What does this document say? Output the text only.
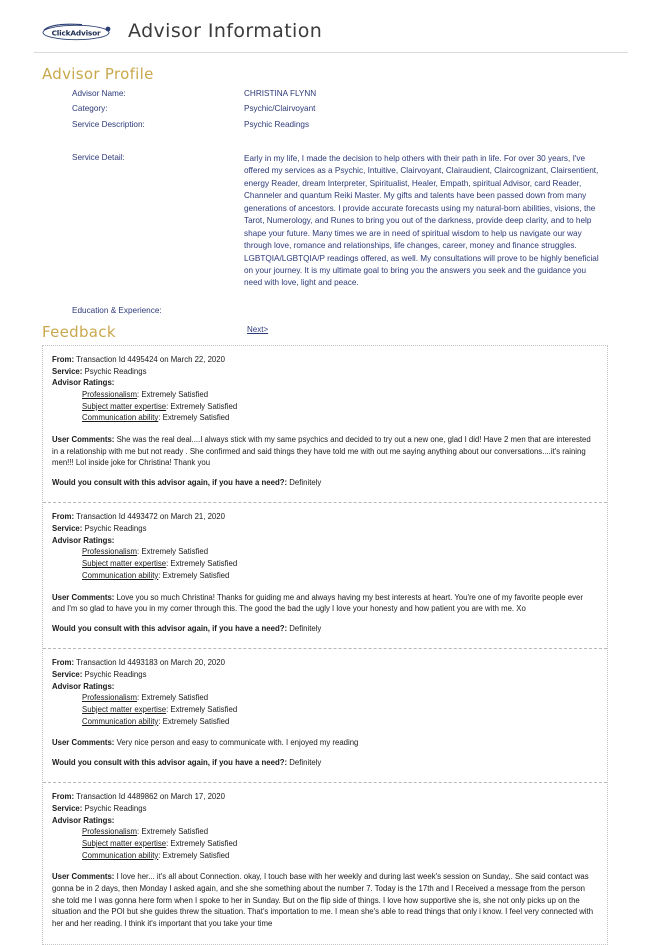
ClickAdvisor Advisor Information
Advisor Profile
Advisor Name:	CHRISTINA FLYNN
Category:	Psychic/Clairvoyant
Service Description:	Psychic Readings
Service Detail:	Early in my life, I made the decision to help others with their path in life. For over 30 years, I've offered my services as a Psychic, Intuitive, Clairvoyant, Clairaudient, Claircognizant, Clairsentient, energy Reader, dream Interpreter, Spiritualist, Healer, Empath, spiritual Advisor, card Reader, Channeler and quantum Reiki Master. My gifts and talents have been passed down from many generations of ancestors. I provide accurate forecasts using my natural-born abilities, visions, the Tarot, Numerology, and Runes to bring you out of the darkness, provide deep clarity, and to help shape your future. Many times we are in need of spiritual wisdom to help us navigate our way through love, romance and relationships, life changes, career, money and finance struggles. LGBTQIA/LGBTQIA/P readings offered, as well. My consultations will prove to be highly beneficial on your journey. It is my ultimate goal to bring you the answers you seek and the guidance you need with love, light and peace.
Education & Experience:
Feedback	Next>

From: Transaction Id 4495424 on March 22, 2020

Service: Psychic Readings

Advisor Ratings:

Professionalism: Extremely Satisfied

Subject matter expertise: Extremely Satisfied

Communication ability: Extremely Satisfied

User Comments: She was the real deal....I always stick with my same psychics and decided to try out a new one, glad I did! Have 2 men that are interested in a relationship with me but not ready . She confirmed and said things they have told me with out me saying anything about our conversations....it's raining men!!! Lol inside joke for Christina! Thank you

Would you consult with this advisor again, if you have a need?: Definitely

From: Transaction Id 4493472 on March 21, 2020

Service: Psychic Readings

Advisor Ratings:

Professionalism: Extremely Satisfied

Subject matter expertise: Extremely Satisfied

Communication ability: Extremely Satisfied

User Comments: Love you so much Christina! Thanks for guiding me and always having my best interests at heart. You're one of my favorite people ever and I'm so glad to have you in my corner through this. The good the bad the ugly I love your honesty and how patient you are with me. Xo

Would you consult with this advisor again, if you have a need?: Definitely

From: Transaction Id 4493183 on March 20, 2020

Service: Psychic Readings

Advisor Ratings:

Professionalism: Extremely Satisfied

Subject matter expertise: Extremely Satisfied

Communication ability: Extremely Satisfied

User Comments: Very nice person and easy to communicate with. I enjoyed my reading

Would you consult with this advisor again, if you have a need?: Definitely

From: Transaction Id 4489862 on March 17, 2020

Service: Psychic Readings

Advisor Ratings:

Professionalism: Extremely Satisfied

Subject matter expertise: Extremely Satisfied

Communication ability: Extremely Satisfied

User Comments: I love her... it's all about Connection. okay, I touch base with her weekly and during last week's session on Sunday,. She said contact was gonna be in 2 days, then Monday I asked again, and she she something about the number 7. Today is the 17th and I Received a message from the person she told me I was gonna here form when I spoke to her in Sunday. But on the flip side of things. I love how supportive she is, she not only picks up on the situation and the POI but she guides threw the situation. That's importation to me. I mean she's able to read things that only i know. I feel very connected with her and her reading. I think it's important that you take your time
